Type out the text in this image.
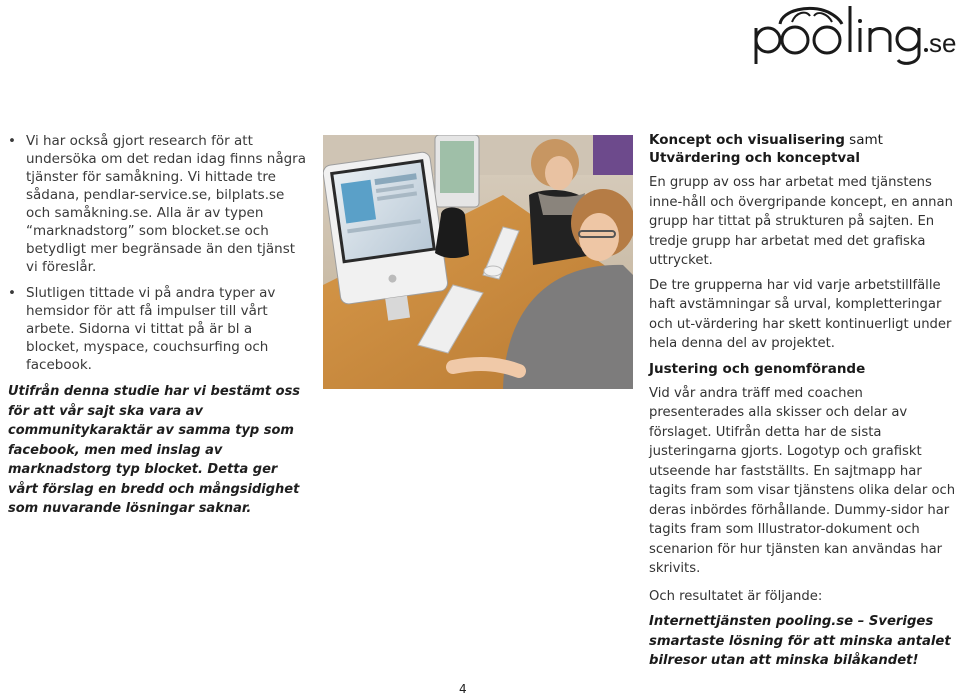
se
• Vi har också gjort research för att undersöka om det redan idag finns några tjänster för samåkning. Vi hittade tre sådana, pendlar-service.se, bilplats.se och samåkning.se. Alla är av typen “marknadstorg” som blocket.se och betydligt mer begränsade än den tjänst vi föreslår.
• Slutligen tittade vi på andra typer av hemsidor för att få impulser till vårt arbete. Sidorna vi tittat på är bl a blocket, myspace, couchsurfing och facebook.
Utifrån denna studie har vi bestämt oss för att vår sajt ska vara av communitykaraktär av samma typ som facebook, men med inslag av marknadstorg typ blocket. Detta ger vårt förslag en bredd och mångsidighet som nuvarande lösningar saknar.
Koncept och visualisering samt
Utvärdering och konceptval

En grupp av oss har arbetat med tjänstens inne-håll och övergripande koncept, en annan grupp har tittat på strukturen på sajten. En tredje grupp har arbetat med det grafiska uttrycket.

De tre grupperna har vid varje arbetstillfälle haft avstämningar så urval, kompletteringar och ut-värdering har skett kontinuerligt under hela denna del av projektet.

Justering och genomförande

Vid vår andra träff med coachen presenterades alla skisser och delar av förslaget. Utifrån detta har de sista justeringarna gjorts. Logotyp och grafiskt utseende har fastställts. En sajtmapp har tagits fram som visar tjänstens olika delar och deras inbördes förhållande. Dummy-sidor har tagits fram som Illustrator-dokument och scenarion för hur tjänsten kan användas har skrivits.

Och resultatet är följande:

Internettjänsten pooling.se – Sveriges smartaste lösning för att minska antalet bilresor utan att minska bilåkandet!

4
